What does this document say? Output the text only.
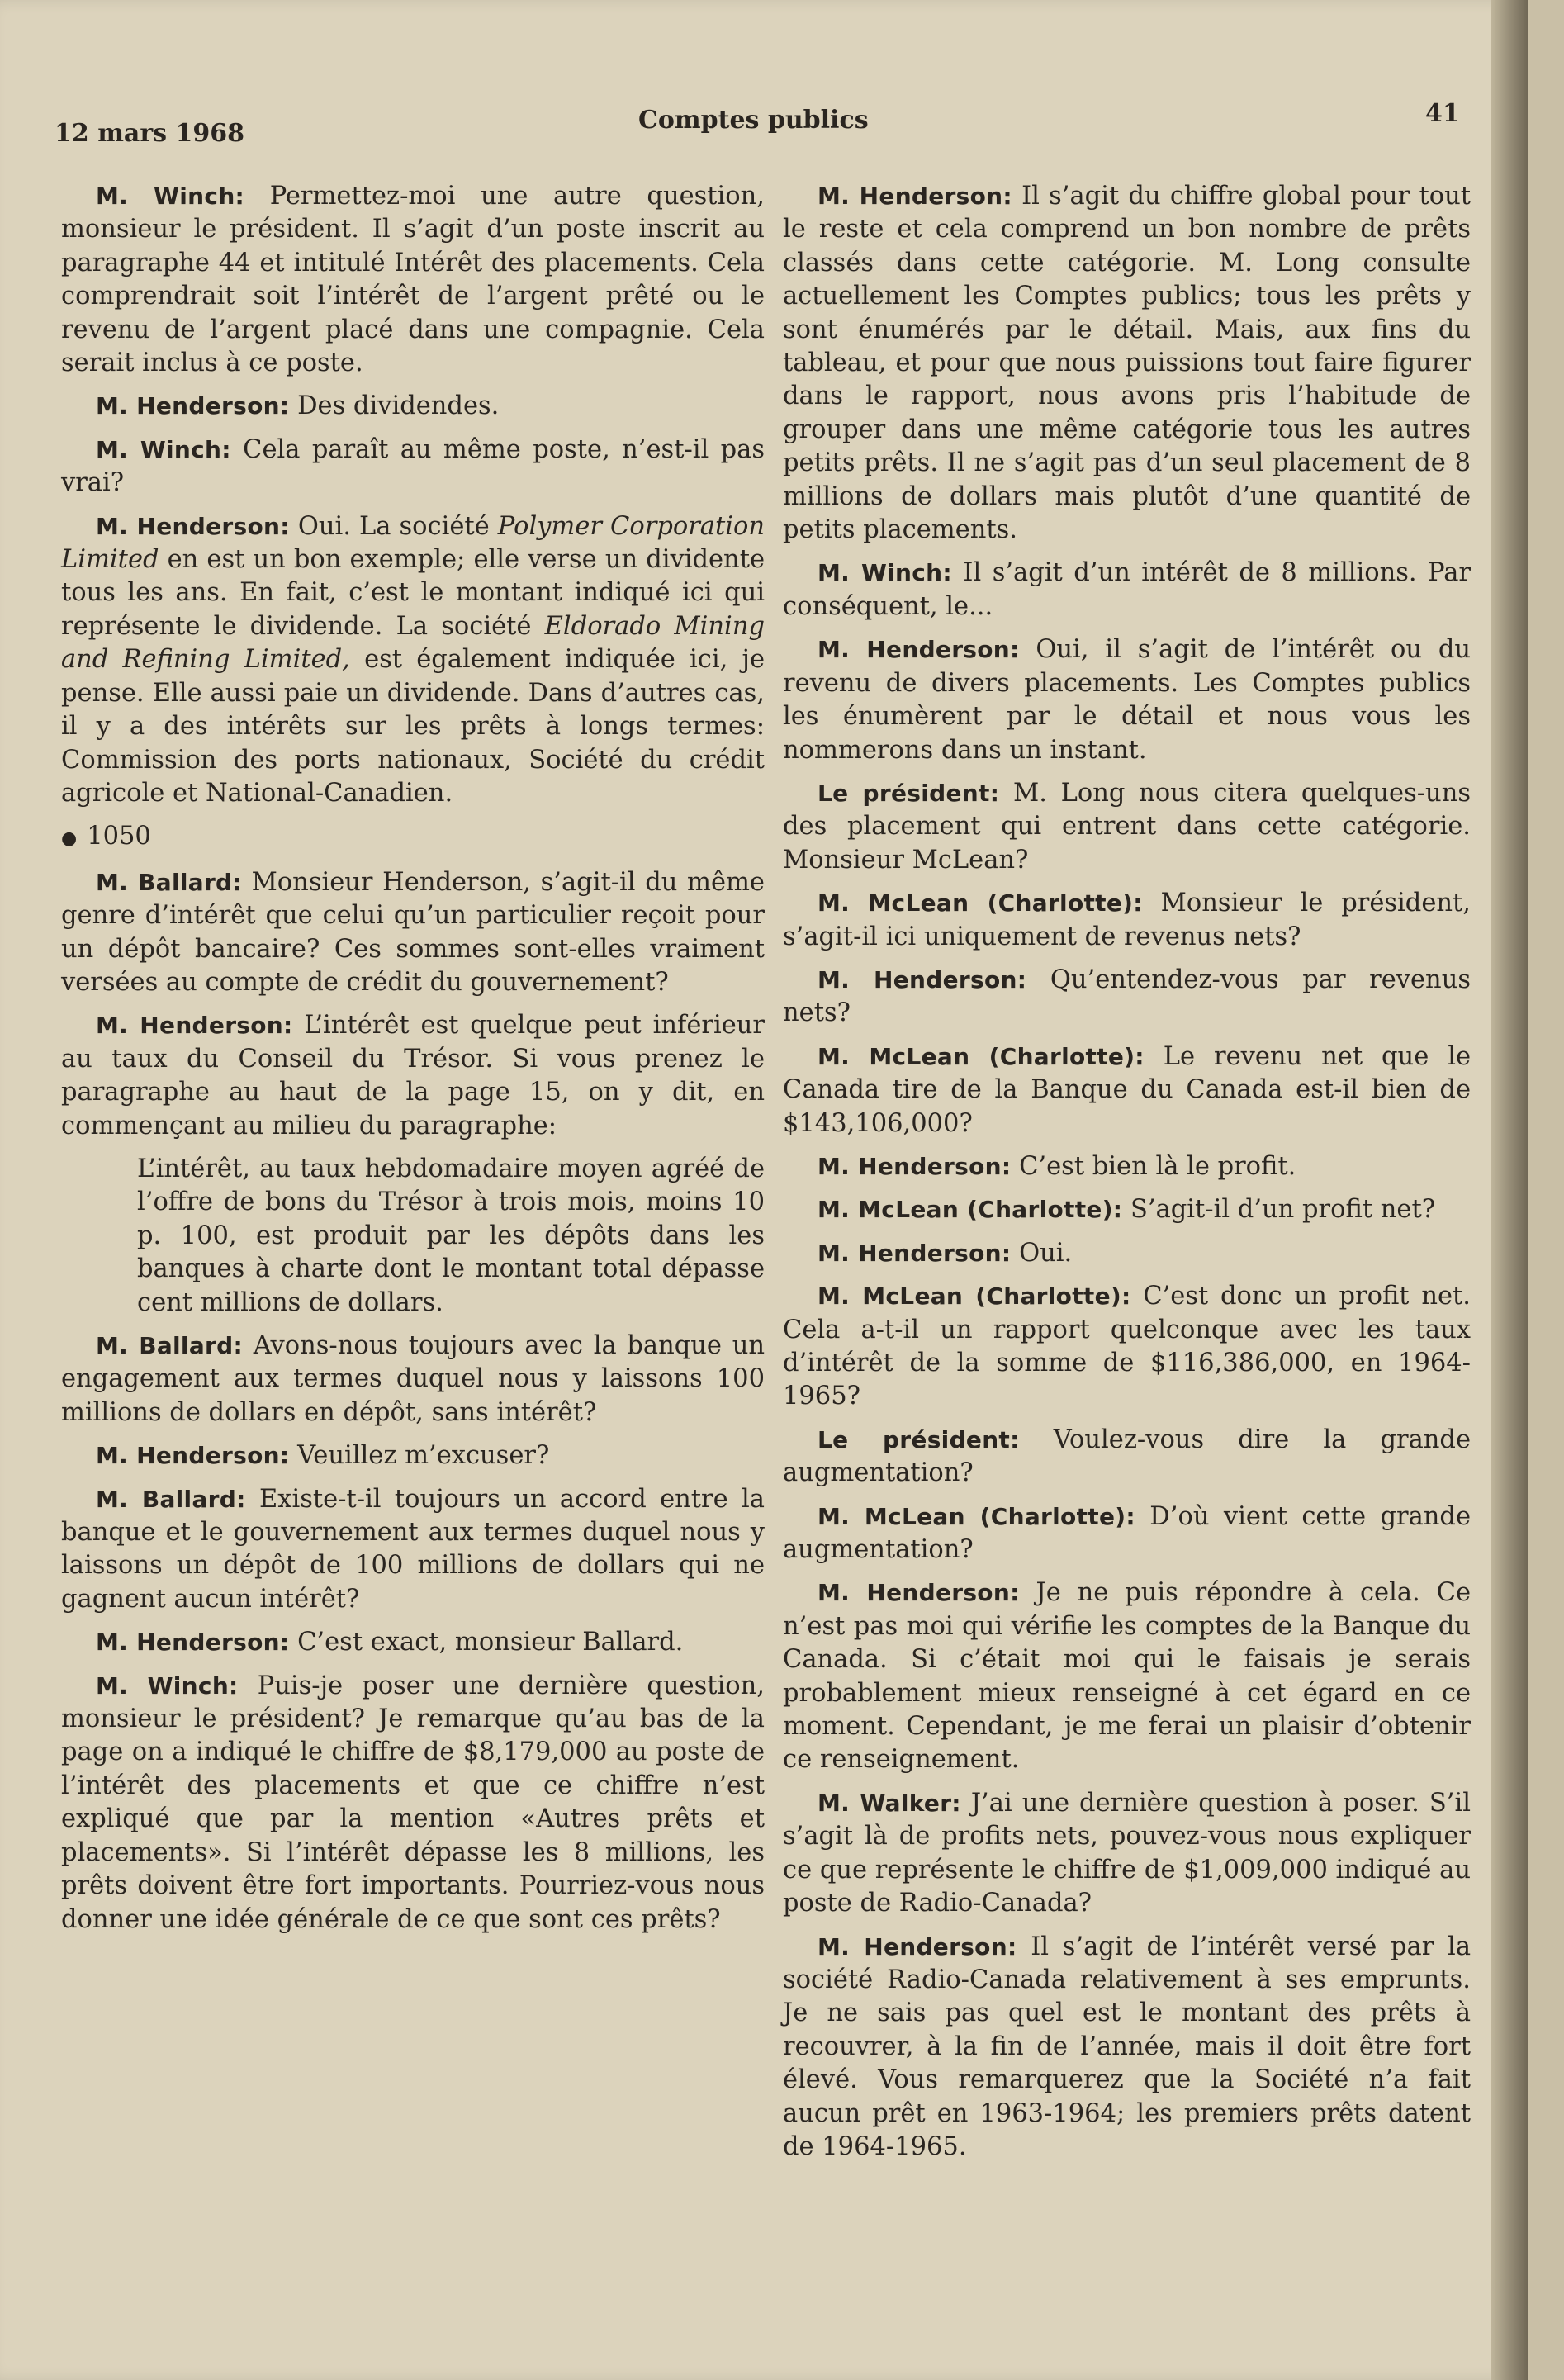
12 mars 1968	Comptes publics	41

M. Winch: Permettez-moi une autre question, monsieur le président. Il s’agit d’un poste inscrit au paragraphe 44 et intitulé Intérêt des placements. Cela comprendrait soit l’intérêt de l’argent prêté ou le revenu de l’argent placé dans une compagnie. Cela serait inclus à ce poste.

M. Henderson: Des dividendes.

M. Winch: Cela paraît au même poste, n’est-il pas vrai?

M. Henderson: Oui. La société Polymer Corporation Limited en est un bon exemple; elle verse un dividente tous les ans. En fait, c’est le montant indiqué ici qui représente le dividende. La société Eldorado Mining and Refining Limited, est également indiquée ici, je pense. Elle aussi paie un dividende. Dans d’autres cas, il y a des intérêts sur les prêts à longs termes: Commission des ports nationaux, Société du crédit agricole et National-Canadien.

● 1050

M. Ballard: Monsieur Henderson, s’agit-il du même genre d’intérêt que celui qu’un particulier reçoit pour un dépôt bancaire? Ces sommes sont-elles vraiment versées au compte de crédit du gouvernement?

M. Henderson: L’intérêt est quelque peut inférieur au taux du Conseil du Trésor. Si vous prenez le paragraphe au haut de la page 15, on y dit, en commençant au milieu du paragraphe:

L’intérêt, au taux hebdomadaire moyen agréé de l’offre de bons du Trésor à trois mois, moins 10 p. 100, est produit par les dépôts dans les banques à charte dont le montant total dépasse cent millions de dollars.

M. Ballard: Avons-nous toujours avec la banque un engagement aux termes duquel nous y laissons 100 millions de dollars en dépôt, sans intérêt?

M. Henderson: Veuillez m’excuser?

M. Ballard: Existe-t-il toujours un accord entre la banque et le gouvernement aux termes duquel nous y laissons un dépôt de 100 millions de dollars qui ne gagnent aucun intérêt?

M. Henderson: C’est exact, monsieur Ballard.

M. Winch: Puis-je poser une dernière question, monsieur le président? Je remarque qu’au bas de la page on a indiqué le chiffre de $8,179,000 au poste de l’intérêt des placements et que ce chiffre n’est expliqué que par la mention «Autres prêts et placements». Si l’intérêt dépasse les 8 millions, les prêts doivent être fort importants. Pourriez-vous nous donner une idée générale de ce que sont ces prêts?

M. Henderson: Il s’agit du chiffre global pour tout le reste et cela comprend un bon nombre de prêts classés dans cette catégorie. M. Long consulte actuellement les Comptes publics; tous les prêts y sont énumérés par le détail. Mais, aux fins du tableau, et pour que nous puissions tout faire figurer dans le rapport, nous avons pris l’habitude de grouper dans une même catégorie tous les autres petits prêts. Il ne s’agit pas d’un seul placement de 8 millions de dollars mais plutôt d’une quantité de petits placements.

M. Winch: Il s’agit d’un intérêt de 8 millions. Par conséquent, le...

M. Henderson: Oui, il s’agit de l’intérêt ou du revenu de divers placements. Les Comptes publics les énumèrent par le détail et nous vous les nommerons dans un instant.

Le président: M. Long nous citera quelques-uns des placement qui entrent dans cette catégorie. Monsieur McLean?

M. McLean (Charlotte): Monsieur le président, s’agit-il ici uniquement de revenus nets?

M. Henderson: Qu’entendez-vous par revenus nets?

M. McLean (Charlotte): Le revenu net que le Canada tire de la Banque du Canada est-il bien de $143,106,000?

M. Henderson: C’est bien là le profit.

M. McLean (Charlotte): S’agit-il d’un profit net?

M. Henderson: Oui.

M. McLean (Charlotte): C’est donc un profit net. Cela a-t-il un rapport quelconque avec les taux d’intérêt de la somme de $116,386,000, en 1964-1965?

Le président: Voulez-vous dire la grande augmentation?

M. McLean (Charlotte): D’où vient cette grande augmentation?

M. Henderson: Je ne puis répondre à cela. Ce n’est pas moi qui vérifie les comptes de la Banque du Canada. Si c’était moi qui le faisais je serais probablement mieux renseigné à cet égard en ce moment. Cependant, je me ferai un plaisir d’obtenir ce renseignement.

M. Walker: J’ai une dernière question à poser. S’il s’agit là de profits nets, pouvez-vous nous expliquer ce que représente le chiffre de $1,009,000 indiqué au poste de Radio-Canada?

M. Henderson: Il s’agit de l’intérêt versé par la société Radio-Canada relativement à ses emprunts. Je ne sais pas quel est le montant des prêts à recouvrer, à la fin de l’année, mais il doit être fort élevé. Vous remarquerez que la Société n’a fait aucun prêt en 1963-1964; les premiers prêts datent de 1964-1965.
